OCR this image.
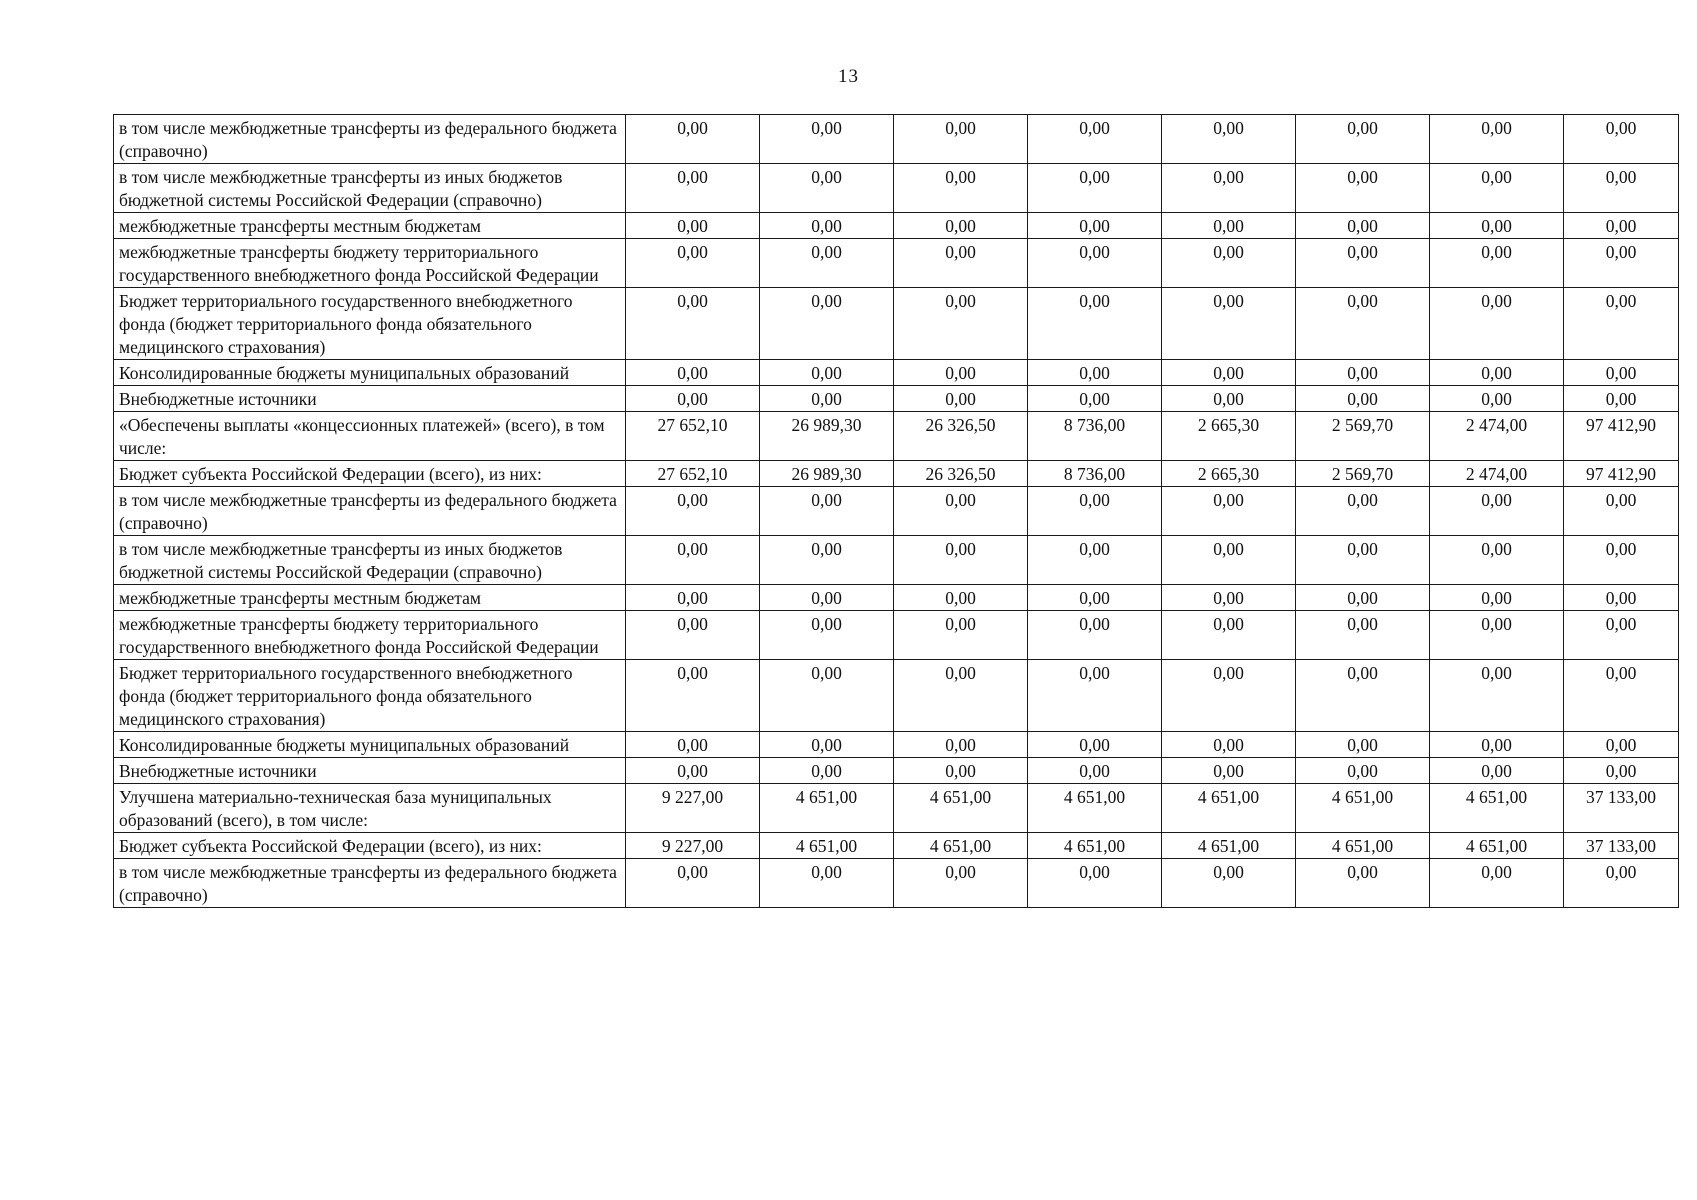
13
в том числе межбюджетные трансферты из федерального бюджета (справочно)	0,00	0,00	0,00	0,00	0,00	0,00	0,00	0,00
в том числе межбюджетные трансферты из иных бюджетов бюджетной системы Российской Федерации (справочно)	0,00	0,00	0,00	0,00	0,00	0,00	0,00	0,00
межбюджетные трансферты местным бюджетам	0,00	0,00	0,00	0,00	0,00	0,00	0,00	0,00
межбюджетные трансферты бюджету территориального государственного внебюджетного фонда Российской Федерации	0,00	0,00	0,00	0,00	0,00	0,00	0,00	0,00
Бюджет территориального государственного внебюджетного фонда (бюджет территориального фонда обязательного медицинского страхования)	0,00	0,00	0,00	0,00	0,00	0,00	0,00	0,00
Консолидированные бюджеты муниципальных образований	0,00	0,00	0,00	0,00	0,00	0,00	0,00	0,00
Внебюджетные источники	0,00	0,00	0,00	0,00	0,00	0,00	0,00	0,00
«Обеспечены выплаты «концессионных платежей» (всего), в том числе:	27 652,10	26 989,30	26 326,50	8 736,00	2 665,30	2 569,70	2 474,00	97 412,90
Бюджет субъекта Российской Федерации (всего), из них:	27 652,10	26 989,30	26 326,50	8 736,00	2 665,30	2 569,70	2 474,00	97 412,90
в том числе межбюджетные трансферты из федерального бюджета (справочно)	0,00	0,00	0,00	0,00	0,00	0,00	0,00	0,00
в том числе межбюджетные трансферты из иных бюджетов бюджетной системы Российской Федерации (справочно)	0,00	0,00	0,00	0,00	0,00	0,00	0,00	0,00
межбюджетные трансферты местным бюджетам	0,00	0,00	0,00	0,00	0,00	0,00	0,00	0,00
межбюджетные трансферты бюджету территориального государственного внебюджетного фонда Российской Федерации	0,00	0,00	0,00	0,00	0,00	0,00	0,00	0,00
Бюджет территориального государственного внебюджетного фонда (бюджет территориального фонда обязательного медицинского страхования)	0,00	0,00	0,00	0,00	0,00	0,00	0,00	0,00
Консолидированные бюджеты муниципальных образований	0,00	0,00	0,00	0,00	0,00	0,00	0,00	0,00
Внебюджетные источники	0,00	0,00	0,00	0,00	0,00	0,00	0,00	0,00
Улучшена материально-техническая база муниципальных образований (всего), в том числе:	9 227,00	4 651,00	4 651,00	4 651,00	4 651,00	4 651,00	4 651,00	37 133,00
Бюджет субъекта Российской Федерации (всего), из них:	9 227,00	4 651,00	4 651,00	4 651,00	4 651,00	4 651,00	4 651,00	37 133,00
в том числе межбюджетные трансферты из федерального бюджета (справочно)	0,00	0,00	0,00	0,00	0,00	0,00	0,00	0,00
